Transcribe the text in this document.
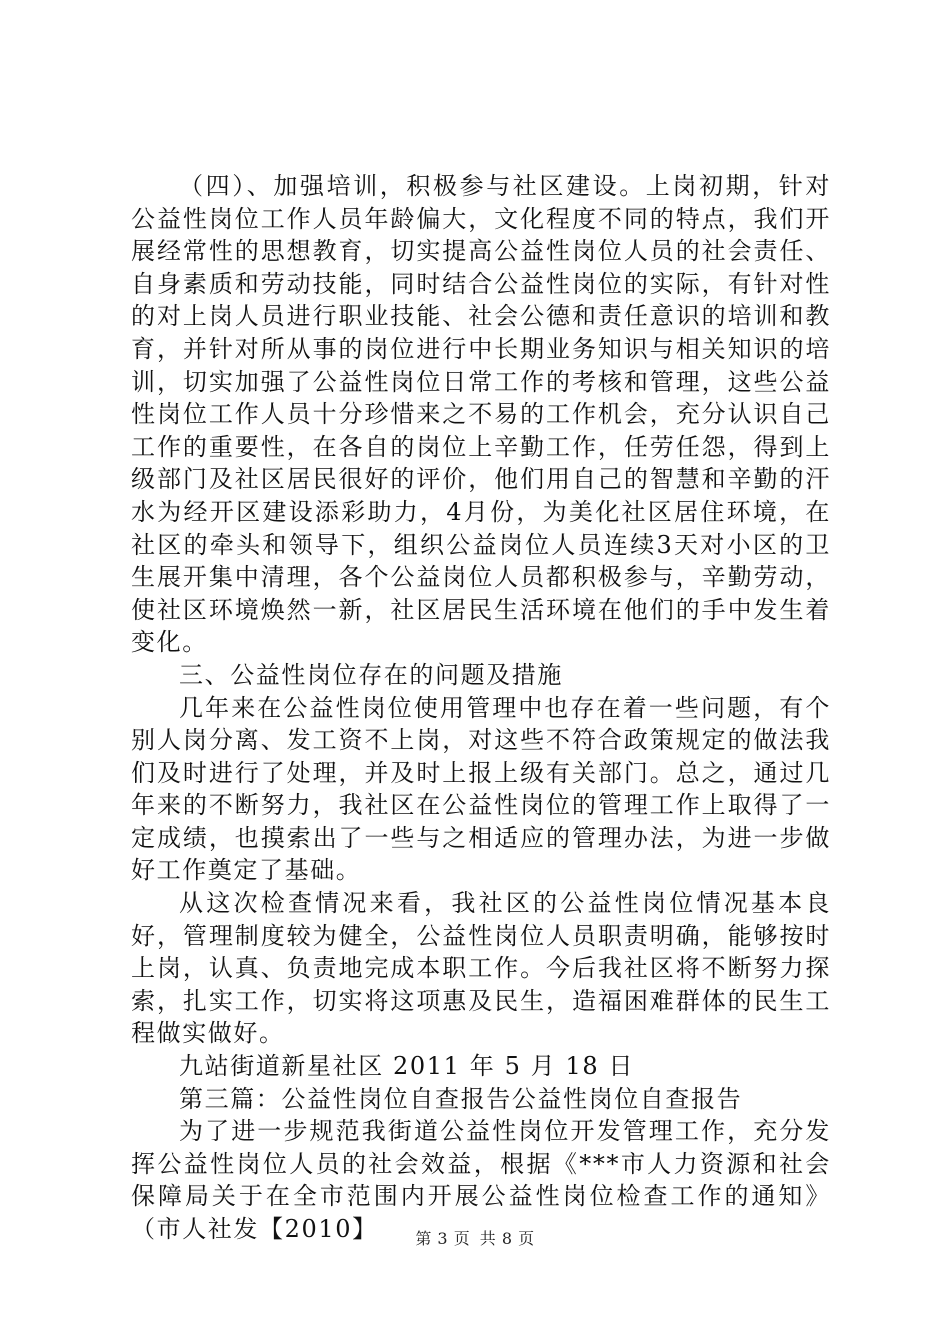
（四）、加强培训，积极参与社区建设。上岗初期，针对公益性岗位工作人员年龄偏大，文化程度不同的特点，我们开展经常性的思想教育，切实提高公益性岗位人员的社会责任、自身素质和劳动技能，同时结合公益性岗位的实际，有针对性的对上岗人员进行职业技能、社会公德和责任意识的培训和教育，并针对所从事的岗位进行中长期业务知识与相关知识的培训，切实加强了公益性岗位日常工作的考核和管理，这些公益性岗位工作人员十分珍惜来之不易的工作机会，充分认识自己工作的重要性，在各自的岗位上辛勤工作，任劳任怨，得到上级部门及社区居民很好的评价，他们用自己的智慧和辛勤的汗水为经开区建设添彩助力，4月份，为美化社区居住环境，在社区的牵头和领导下，组织公益岗位人员连续3天对小区的卫生展开集中清理，各个公益岗位人员都积极参与，辛勤劳动，使社区环境焕然一新，社区居民生活环境在他们的手中发生着变化。

三、公益性岗位存在的问题及措施

几年来在公益性岗位使用管理中也存在着一些问题，有个别人岗分离、发工资不上岗，对这些不符合政策规定的做法我们及时进行了处理，并及时上报上级有关部门。总之，通过几年来的不断努力，我社区在公益性岗位的管理工作上取得了一定成绩，也摸索出了一些与之相适应的管理办法，为进一步做好工作奠定了基础。

从这次检查情况来看，我社区的公益性岗位情况基本良好，管理制度较为健全，公益性岗位人员职责明确，能够按时上岗，认真、负责地完成本职工作。今后我社区将不断努力探索，扎实工作，切实将这项惠及民生，造福困难群体的民生工程做实做好。

九站街道新星社区 2011 年 5 月 18 日

第三篇：公益性岗位自查报告公益性岗位自查报告

为了进一步规范我街道公益性岗位开发管理工作，充分发挥公益性岗位人员的社会效益，根据《***市人力资源和社会保障局关于在全市范围内开展公益性岗位检查工作的通知》（市人社发【2010】	第 3 页 共 8 页
